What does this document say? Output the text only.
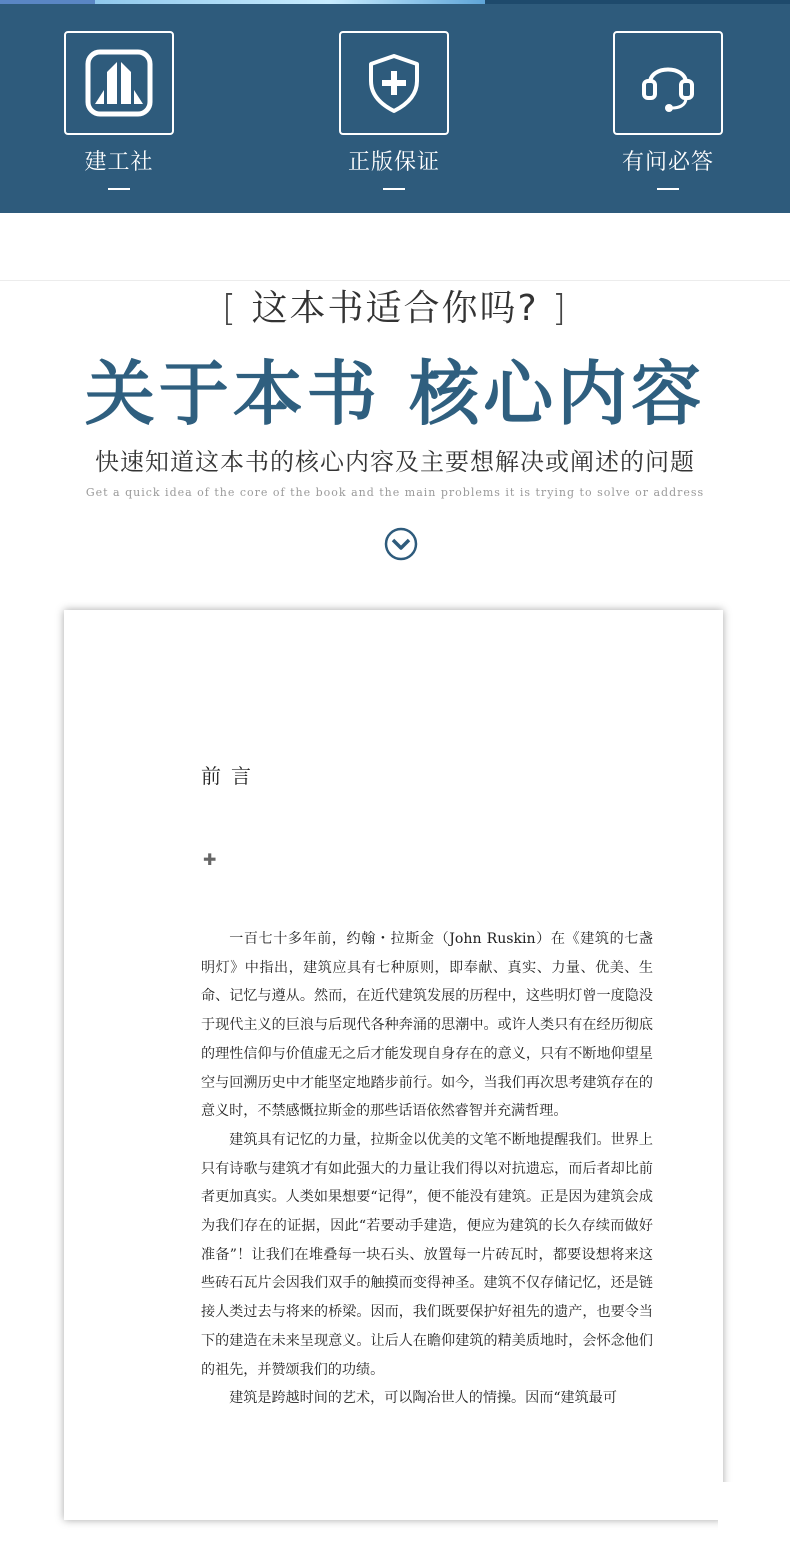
建工社	正版保证	有问必答
[ 这本书适合你吗? ]
关于本书 核心内容
快速知道这本书的核心内容及主要想解决或阐述的问题
Get a quick idea of the core of the book and the main problems it is trying to solve or address
前言
✚

一百七十多年前，约翰・拉斯金（John Ruskin）在《建筑的七盏明灯》中指出，建筑应具有七种原则，即奉献、真实、力量、优美、生命、记忆与遵从。然而，在近代建筑发展的历程中，这些明灯曾一度隐没于现代主义的巨浪与后现代各种奔涌的思潮中。或许人类只有在经历彻底的理性信仰与价值虚无之后才能发现自身存在的意义，只有不断地仰望星空与回溯历史中才能坚定地踏步前行。如今，当我们再次思考建筑存在的意义时，不禁感慨拉斯金的那些话语依然睿智并充满哲理。

建筑具有记忆的力量，拉斯金以优美的文笔不断地提醒我们。世界上只有诗歌与建筑才有如此强大的力量让我们得以对抗遗忘，而后者却比前者更加真实。人类如果想要“记得”，便不能没有建筑。正是因为建筑会成为我们存在的证据，因此“若要动手建造，便应为建筑的长久存续而做好准备”！让我们在堆叠每一块石头、放置每一片砖瓦时，都要设想将来这些砖石瓦片会因我们双手的触摸而变得神圣。建筑不仅存储记忆，还是链接人类过去与将来的桥梁。因而，我们既要保护好祖先的遗产，也要令当下的建造在未来呈现意义。让后人在瞻仰建筑的精美质地时，会怀念他们的祖先，并赞颂我们的功绩。

建筑是跨越时间的艺术，可以陶冶世人的情操。因而“建筑最可
